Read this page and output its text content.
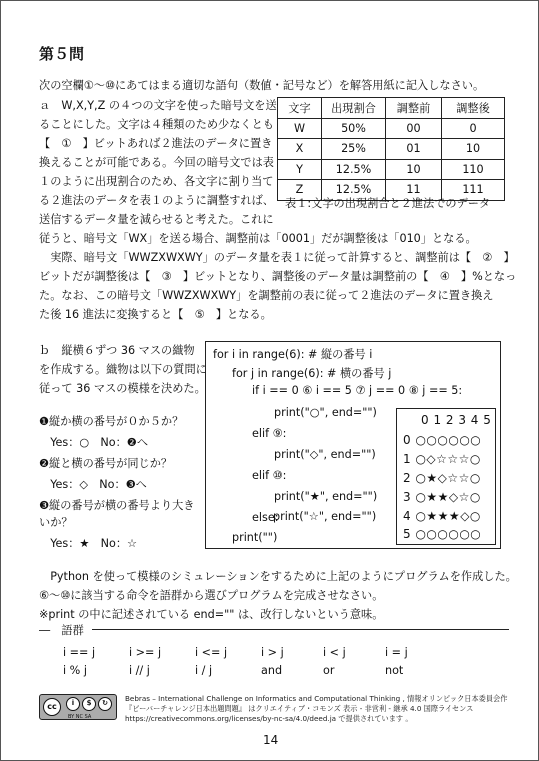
第５問
次の空欄①～⑩にあてはまる適切な語句（数値・記号など）を解答用紙に記入しなさい。
ａ　W,X,Y,Z の４つの文字を使った暗号文を送
ることにした。文字は４種類のため少なくとも
【　①　】ビットあれば２進法のデータに置き
換えることが可能である。今回の暗号文では表
１のように出現割合のため、各文字に割り当て
る２進法のデータを表１のように調整すれば、
送信するデータ量を減らせると考えた。これに
文字	出現割合	調整前	調整後
W	50%	00	0
X	25%	01	10
Y	12.5%	10	110
Z	12.5%	11	111
表１:文字の出現割合と２進法でのデータ
従うと、暗号文「WX」を送る場合、調整前は「0001」だが調整後は「010」となる。
　実際、暗号文「WWZXWXWY」のデータ量を表１に従って計算すると、調整前は【　②　】
ビットだが調整後は【　③　】ビットとなり、調整後のデータ量は調整前の【　④　】%となっ
た。なお、この暗号文「WWZXWXWY」を調整前の表に従って２進法のデータに置き換え
た後 16 進法に変換すると【　⑤　】となる。
ｂ　縦横６ずつ 36 マスの織物
を作成する。織物は以下の質問に
従って 36 マスの模様を決めた。
❶縦か横の番号が０か５か？
　Yes：○　No：❷へ
❷縦と横の番号が同じか？
　Yes：◇　No：❸へ
❸縦の番号が横の番号より大き
いか？
　Yes：★　No：☆
for i in range(6): # 縦の番号 i
for j in range(6): # 横の番号 j
if i == 0 ⑥ i == 5 ⑦ j == 0 ⑧ j == 5:
print("○", end="")
elif ⑨:
print("◇", end="")
elif ⑩:
print("★", end="")
else:
print("☆", end="")
print("")
0 1 2 3 4 5
0 ○○○○○○
1 ○◇☆☆☆○
2 ○★◇☆☆○
3 ○★★◇☆○
4 ○★★★◇○
5 ○○○○○○
　Python を使って模様のシミュレーションをするために上記のようにプログラムを作成した。
⑥～⑩に該当する命令を語群から選びプログラムを完成させなさい。
※print の中に記述されている end="" は、改行しないという意味。
―　語群
i == j	i >= j	i <= j	i > j	i < j	i = j
i % j	i // j	i / j	and	or	not
cc	i	$	↻
BY NC SA
Bebras – International Challenge on Informatics and Computational Thinking , 情報オリンピック日本委員会作
『ビーバーチャレンジ日本出題問題』 はクリエイティブ・コモンズ 表示 - 非営利 - 継承 4.0 国際ライセンス
https://creativecommons.org/licenses/by-nc-sa/4.0/deed.ja で提供されています 。
14
